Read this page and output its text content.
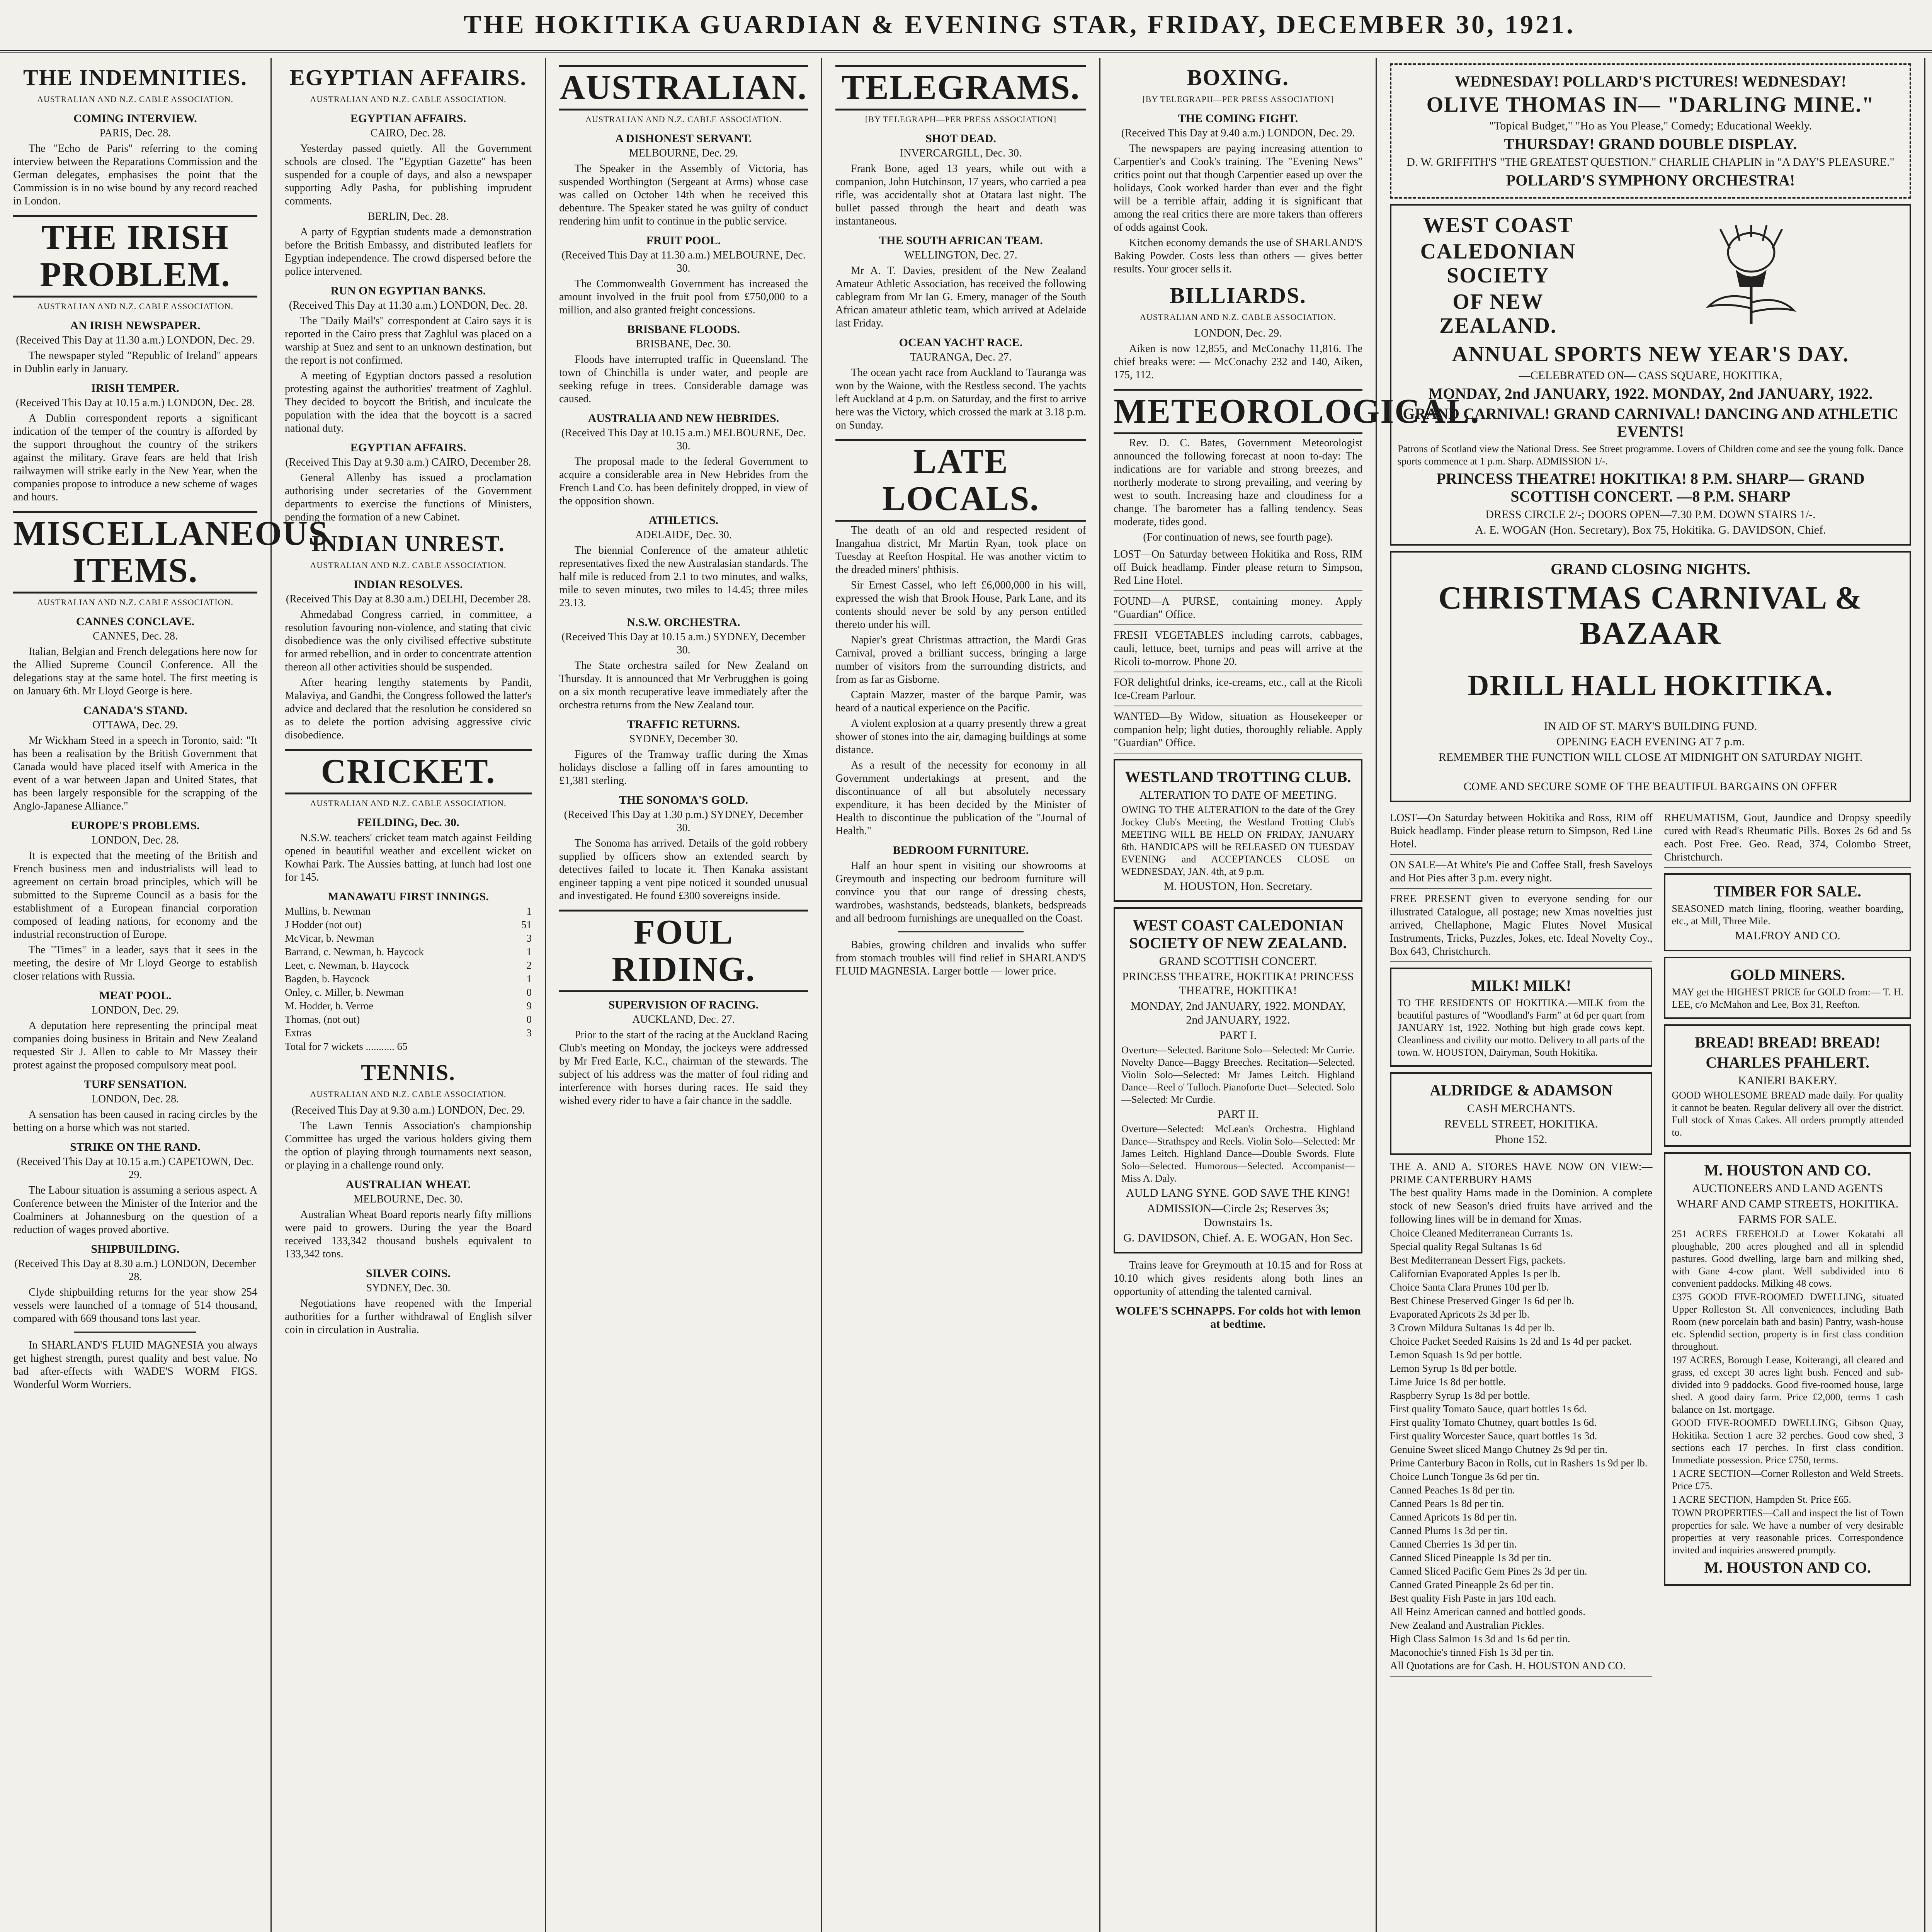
THE HOKITIKA GUARDIAN & EVENING STAR, FRIDAY, DECEMBER 30, 1921.
THE INDEMNITIES.
AUSTRALIAN AND N.Z. CABLE ASSOCIATION.
COMING INTERVIEW.
PARIS, Dec. 28.

The "Echo de Paris" referring to the coming interview between the Reparations Commission and the German delegates, emphasises the point that the Commission is in no wise bound by any record reached in London.

THE IRISH PROBLEM.
AUSTRALIAN AND N.Z. CABLE ASSOCIATION.
AN IRISH NEWSPAPER.
(Received This Day at 11.30 a.m.) LONDON, Dec. 29.

The newspaper styled "Republic of Ireland" appears in Dublin early in January.

IRISH TEMPER.
(Received This Day at 10.15 a.m.) LONDON, Dec. 28.

A Dublin correspondent reports a significant indication of the temper of the country is afforded by the support throughout the country of the strikers against the military. Grave fears are held that Irish railwaymen will strike early in the New Year, when the companies propose to introduce a new scheme of wages and hours.

MISCELLANEOUS ITEMS.
AUSTRALIAN AND N.Z. CABLE ASSOCIATION.
CANNES CONCLAVE.
CANNES, Dec. 28.

Italian, Belgian and French delegations here now for the Allied Supreme Council Conference. All the delegations stay at the same hotel. The first meeting is on January 6th. Mr Lloyd George is here.

CANADA'S STAND.
OTTAWA, Dec. 29.

Mr Wickham Steed in a speech in Toronto, said: "It has been a realisation by the British Government that Canada would have placed itself with America in the event of a war between Japan and United States, that has been largely responsible for the scrapping of the Anglo-Japanese Alliance."

EUROPE'S PROBLEMS.
LONDON, Dec. 28.

It is expected that the meeting of the British and French business men and industrialists will lead to agreement on certain broad principles, which will be submitted to the Supreme Council as a basis for the establishment of a European financial corporation composed of leading nations, for economy and the industrial reconstruction of Europe.

The "Times" in a leader, says that it sees in the meeting, the desire of Mr Lloyd George to establish closer relations with Russia.

MEAT POOL.
LONDON, Dec. 29.

A deputation here representing the principal meat companies doing business in Britain and New Zealand requested Sir J. Allen to cable to Mr Massey their protest against the proposed compulsory meat pool.

TURF SENSATION.
LONDON, Dec. 28.

A sensation has been caused in racing circles by the betting on a horse which was not started.

STRIKE ON THE RAND.
(Received This Day at 10.15 a.m.) CAPETOWN, Dec. 29.

The Labour situation is assuming a serious aspect. A Conference between the Minister of the Interior and the Coalminers at Johannesburg on the question of a reduction of wages proved abortive.

SHIPBUILDING.
(Received This Day at 8.30 a.m.) LONDON, December 28.

Clyde shipbuilding returns for the year show 254 vessels were launched of a tonnage of 514 thousand, compared with 669 thousand tons last year.

In SHARLAND'S FLUID MAGNESIA you always get highest strength, purest quality and best value. No bad after-effects with WADE'S WORM FIGS. Wonderful Worm Worriers.

EGYPTIAN AFFAIRS.
AUSTRALIAN AND N.Z. CABLE ASSOCIATION.
EGYPTIAN AFFAIRS.
CAIRO, Dec. 28.

Yesterday passed quietly. All the Government schools are closed. The "Egyptian Gazette" has been suspended for a couple of days, and also a newspaper supporting Adly Pasha, for publishing imprudent comments.

BERLIN, Dec. 28.

A party of Egyptian students made a demonstration before the British Embassy, and distributed leaflets for Egyptian independence. The crowd dispersed before the police intervened.

RUN ON EGYPTIAN BANKS.
(Received This Day at 11.30 a.m.) LONDON, Dec. 28.

The "Daily Mail's" correspondent at Cairo says it is reported in the Cairo press that Zaghlul was placed on a warship at Suez and sent to an unknown destination, but the report is not confirmed.

A meeting of Egyptian doctors passed a resolution protesting against the authorities' treatment of Zaghlul. They decided to boycott the British, and inculcate the population with the idea that the boycott is a sacred national duty.

EGYPTIAN AFFAIRS.
(Received This Day at 9.30 a.m.) CAIRO, December 28.

General Allenby has issued a proclamation authorising under secretaries of the Government departments to exercise the functions of Ministers, pending the formation of a new Cabinet.

INDIAN UNREST.
AUSTRALIAN AND N.Z. CABLE ASSOCIATION.
INDIAN RESOLVES.
(Received This Day at 8.30 a.m.) DELHI, December 28.

Ahmedabad Congress carried, in committee, a resolution favouring non-violence, and stating that civic disobedience was the only civilised effective substitute for armed rebellion, and in order to concentrate attention thereon all other activities should be suspended.

After hearing lengthy statements by Pandit, Malaviya, and Gandhi, the Congress followed the latter's advice and declared that the resolution be considered so as to delete the portion advising aggressive civic disobedience.

CRICKET.
AUSTRALIAN AND N.Z. CABLE ASSOCIATION.
FEILDING, Dec. 30.

N.S.W. teachers' cricket team match against Feilding opened in beautiful weather and excellent wicket on Kowhai Park. The Aussies batting, at lunch had lost one for 145.

MANAWATU FIRST INNINGS.
Mullins, b. Newman	1
J Hodder (not out)	51
McVicar, b. Newman	3
Barrand, c. Newman, b. Haycock	1
Leet, c. Newman, b. Haycock	2
Bagden, b. Haycock	1
Onley, c. Miller, b. Newman	0
M. Hodder, b. Verroe	9
Thomas, (not out)	0
Extras	3
Total for 7 wickets ........... 65
TENNIS.
AUSTRALIAN AND N.Z. CABLE ASSOCIATION.
(Received This Day at 9.30 a.m.) LONDON, Dec. 29.

The Lawn Tennis Association's championship Committee has urged the various holders giving them the option of playing through tournaments next season, or playing in a challenge round only.

AUSTRALIAN WHEAT.
MELBOURNE, Dec. 30.

Australian Wheat Board reports nearly fifty millions were paid to growers. During the year the Board received 133,342 thousand bushels equivalent to 133,342 tons.

SILVER COINS.
SYDNEY, Dec. 30.

Negotiations have reopened with the Imperial authorities for a further withdrawal of English silver coin in circulation in Australia.

AUSTRALIAN.
AUSTRALIAN AND N.Z. CABLE ASSOCIATION.
A DISHONEST SERVANT.
MELBOURNE, Dec. 29.

The Speaker in the Assembly of Victoria, has suspended Worthington (Sergeant at Arms) whose case was called on October 14th when he received this debenture. The Speaker stated he was guilty of conduct rendering him unfit to continue in the public service.

FRUIT POOL.
(Received This Day at 11.30 a.m.) MELBOURNE, Dec. 30.

The Commonwealth Government has increased the amount involved in the fruit pool from £750,000 to a million, and also granted freight concessions.

BRISBANE FLOODS.
BRISBANE, Dec. 30.

Floods have interrupted traffic in Queensland. The town of Chinchilla is under water, and people are seeking refuge in trees. Considerable damage was caused.

AUSTRALIA AND NEW HEBRIDES.
(Received This Day at 10.15 a.m.) MELBOURNE, Dec. 30.

The proposal made to the federal Government to acquire a considerable area in New Hebrides from the French Land Co. has been definitely dropped, in view of the opposition shown.

ATHLETICS.
ADELAIDE, Dec. 30.

The biennial Conference of the amateur athletic representatives fixed the new Australasian standards. The half mile is reduced from 2.1 to two minutes, and walks, mile to seven minutes, two miles to 14.45; three miles 23.13.

N.S.W. ORCHESTRA.
(Received This Day at 10.15 a.m.) SYDNEY, December 30.

The State orchestra sailed for New Zealand on Thursday. It is announced that Mr Verbrugghen is going on a six month recuperative leave immediately after the orchestra returns from the New Zealand tour.

TRAFFIC RETURNS.
SYDNEY, December 30.

Figures of the Tramway traffic during the Xmas holidays disclose a falling off in fares amounting to £1,381 sterling.

THE SONOMA'S GOLD.
(Received This Day at 1.30 p.m.) SYDNEY, December 30.

The Sonoma has arrived. Details of the gold robbery supplied by officers show an extended search by detectives failed to locate it. Then Kanaka assistant engineer tapping a vent pipe noticed it sounded unusual and investigated. He found £300 sovereigns inside.

FOUL RIDING.
SUPERVISION OF RACING.
AUCKLAND, Dec. 27.

Prior to the start of the racing at the Auckland Racing Club's meeting on Monday, the jockeys were addressed by Mr Fred Earle, K.C., chairman of the stewards. The subject of his address was the matter of foul riding and interference with horses during races. He said they wished every rider to have a fair chance in the saddle.

TELEGRAMS.
[BY TELEGRAPH—PER PRESS ASSOCIATION]
SHOT DEAD.
INVERCARGILL, Dec. 30.

Frank Bone, aged 13 years, while out with a companion, John Hutchinson, 17 years, who carried a pea rifle, was accidentally shot at Otatara last night. The bullet passed through the heart and death was instantaneous.

THE SOUTH AFRICAN TEAM.
WELLINGTON, Dec. 27.

Mr A. T. Davies, president of the New Zealand Amateur Athletic Association, has received the following cablegram from Mr Ian G. Emery, manager of the South African amateur athletic team, which arrived at Adelaide last Friday.

OCEAN YACHT RACE.
TAURANGA, Dec. 27.

The ocean yacht race from Auckland to Tauranga was won by the Waione, with the Restless second. The yachts left Auckland at 4 p.m. on Saturday, and the first to arrive here was the Victory, which crossed the mark at 3.18 p.m. on Sunday.

LATE LOCALS.

The death of an old and respected resident of Inangahua district, Mr Martin Ryan, took place on Tuesday at Reefton Hospital. He was another victim to the dreaded miners' phthisis.

Sir Ernest Cassel, who left £6,000,000 in his will, expressed the wish that Brook House, Park Lane, and its contents should never be sold by any person entitled thereto under his will.

Napier's great Christmas attraction, the Mardi Gras Carnival, proved a brilliant success, bringing a large number of visitors from the surrounding districts, and from as far as Gisborne.

Captain Mazzer, master of the barque Pamir, was heard of a nautical experience on the Pacific.

A violent explosion at a quarry presently threw a great shower of stones into the air, damaging buildings at some distance.

As a result of the necessity for economy in all Government undertakings at present, and the discontinuance of all but absolutely necessary expenditure, it has been decided by the Minister of Health to discontinue the publication of the "Journal of Health."

BEDROOM FURNITURE.

Half an hour spent in visiting our showrooms at Greymouth and inspecting our bedroom furniture will convince you that our range of dressing chests, wardrobes, washstands, bedsteads, blankets, bedspreads and all bedroom furnishings are unequalled on the Coast.

Babies, growing children and invalids who suffer from stomach troubles will find relief in SHARLAND'S FLUID MAGNESIA. Larger bottle — lower price.

BOXING.
[BY TELEGRAPH—PER PRESS ASSOCIATION]
THE COMING FIGHT.
(Received This Day at 9.40 a.m.) LONDON, Dec. 29.

The newspapers are paying increasing attention to Carpentier's and Cook's training. The "Evening News" critics point out that though Carpentier eased up over the holidays, Cook worked harder than ever and the fight will be a terrible affair, adding it is significant that among the real critics there are more takers than offerers of odds against Cook.

Kitchen economy demands the use of SHARLAND'S Baking Powder. Costs less than others — gives better results. Your grocer sells it.

BILLIARDS.
AUSTRALIAN AND N.Z. CABLE ASSOCIATION.
LONDON, Dec. 29.

Aiken is now 12,855, and McConachy 11,816. The chief breaks were: — McConachy 232 and 140, Aiken, 175, 112.

METEOROLOGICAL.

Rev. D. C. Bates, Government Meteorologist announced the following forecast at noon to-day: The indications are for variable and strong breezes, and northerly moderate to strong prevailing, and veering by west to south. Increasing haze and cloudiness for a change. The barometer has a falling tendency. Seas moderate, tides good.

(For continuation of news, see fourth page).
LOST—On Saturday between Hokitika and Ross, RIM off Buick headlamp. Finder please return to Simpson, Red Line Hotel.
FOUND—A PURSE, containing money. Apply "Guardian" Office.
FRESH VEGETABLES including carrots, cabbages, cauli, lettuce, beet, turnips and peas will arrive at the Ricoli to-morrow. Phone 20.
FOR delightful drinks, ice-creams, etc., call at the Ricoli Ice-Cream Parlour.
WANTED—By Widow, situation as Housekeeper or companion help; light duties, thoroughly reliable. Apply "Guardian" Office.
WESTLAND TROTTING CLUB.
ALTERATION TO DATE OF MEETING.
OWING TO THE ALTERATION to the date of the Grey Jockey Club's Meeting, the Westland Trotting Club's MEETING WILL BE HELD ON FRIDAY, JANUARY 6th. HANDICAPS will be RELEASED ON TUESDAY EVENING and ACCEPTANCES CLOSE on WEDNESDAY, JAN. 4th, at 9 p.m.
M. HOUSTON, Hon. Secretary.
WEST COAST CALEDONIAN SOCIETY OF NEW ZEALAND.
GRAND SCOTTISH CONCERT.
PRINCESS THEATRE, HOKITIKA! PRINCESS THEATRE, HOKITIKA!
MONDAY, 2nd JANUARY, 1922. MONDAY, 2nd JANUARY, 1922.
PART I.
Overture—Selected. Baritone Solo—Selected: Mr Currie. Novelty Dance—Baggy Breeches. Recitation—Selected. Violin Solo—Selected: Mr James Leitch. Highland Dance—Reel o' Tulloch. Pianoforte Duet—Selected. Solo—Selected: Mr Curdie.
PART II.
Overture—Selected: McLean's Orchestra. Highland Dance—Strathspey and Reels. Violin Solo—Selected: Mr James Leitch. Highland Dance—Double Swords. Flute Solo—Selected. Humorous—Selected. Accompanist—Miss A. Daly.
AULD LANG SYNE. GOD SAVE THE KING!
ADMISSION—Circle 2s; Reserves 3s; Downstairs 1s.
G. DAVIDSON, Chief. A. E. WOGAN, Hon Sec.

Trains leave for Greymouth at 10.15 and for Ross at 10.10 which gives residents along both lines an opportunity of attending the talented carnival.

WOLFE'S SCHNAPPS. For colds hot with lemon at bedtime.
WEDNESDAY! POLLARD'S PICTURES! WEDNESDAY!
OLIVE THOMAS IN— "DARLING MINE."
"Topical Budget," "Ho as You Please," Comedy; Educational Weekly.
THURSDAY! GRAND DOUBLE DISPLAY.
D. W. GRIFFITH'S "THE GREATEST QUESTION." CHARLIE CHAPLIN in "A DAY'S PLEASURE."
POLLARD'S SYMPHONY ORCHESTRA!
WEST COAST
CALEDONIAN SOCIETY
OF NEW ZEALAND.
ANNUAL SPORTS NEW YEAR'S DAY.
—CELEBRATED ON— CASS SQUARE, HOKITIKA,
MONDAY, 2nd JANUARY, 1922. MONDAY, 2nd JANUARY, 1922.
GRAND CARNIVAL! GRAND CARNIVAL! DANCING AND ATHLETIC EVENTS!
Patrons of Scotland view the National Dress. See Street programme. Lovers of Children come and see the young folk. Dance sports commence at 1 p.m. Sharp. ADMISSION 1/-.
PRINCESS THEATRE! HOKITIKA! 8 P.M. SHARP— GRAND SCOTTISH CONCERT. —8 P.M. SHARP
DRESS CIRCLE 2/-; DOORS OPEN—7.30 P.M. DOWN STAIRS 1/-.
A. E. WOGAN (Hon. Secretary), Box 75, Hokitika. G. DAVIDSON, Chief.
GRAND CLOSING NIGHTS.
CHRISTMAS CARNIVAL & BAZAAR
DRILL HALL HOKITIKA.
IN AID OF ST. MARY'S BUILDING FUND.
OPENING EACH EVENING AT 7 p.m.
REMEMBER THE FUNCTION WILL CLOSE AT MIDNIGHT ON SATURDAY NIGHT.
COME AND SECURE SOME OF THE BEAUTIFUL BARGAINS ON OFFER
LOST—On Saturday between Hokitika and Ross, RIM off Buick headlamp. Finder please return to Simpson, Red Line Hotel.
ON SALE—At White's Pie and Coffee Stall, fresh Saveloys and Hot Pies after 3 p.m. every night.
FREE PRESENT given to everyone sending for our illustrated Catalogue, all postage; new Xmas novelties just arrived, Chellaphone, Magic Flutes Novel Musical Instruments, Tricks, Puzzles, Jokes, etc. Ideal Novelty Coy., Box 643, Christchurch.
MILK! MILK!
TO THE RESIDENTS OF HOKITIKA.—MILK from the beautiful pastures of "Woodland's Farm" at 6d per quart from JANUARY 1st, 1922. Nothing but high grade cows kept. Cleanliness and civility our motto. Delivery to all parts of the town. W. HOUSTON, Dairyman, South Hokitika.
ALDRIDGE & ADAMSON
CASH MERCHANTS.
REVELL STREET, HOKITIKA.
Phone 152.
THE A. AND A. STORES HAVE NOW ON VIEW:— PRIME CANTERBURY HAMS
The best quality Hams made in the Dominion. A complete stock of new Season's dried fruits have arrived and the following lines will be in demand for Xmas.
Choice Cleaned Mediterranean Currants 1s.
Special quality Regal Sultanas 1s 6d
Best Mediterranean Dessert Figs, packets.
Californian Evaporated Apples 1s per lb.
Choice Santa Clara Prunes 10d per lb.
Best Chinese Preserved Ginger 1s 6d per lb.
Evaporated Apricots 2s 3d per lb.
3 Crown Mildura Sultanas 1s 4d per lb.
Choice Packet Seeded Raisins 1s 2d and 1s 4d per packet.
Lemon Squash 1s 9d per bottle.
Lemon Syrup 1s 8d per bottle.
Lime Juice 1s 8d per bottle.
Raspberry Syrup 1s 8d per bottle.
First quality Tomato Sauce, quart bottles 1s 6d.
First quality Tomato Chutney, quart bottles 1s 6d.
First quality Worcester Sauce, quart bottles 1s 3d.
Genuine Sweet sliced Mango Chutney 2s 9d per tin.
Prime Canterbury Bacon in Rolls, cut in Rashers 1s 9d per lb.
Choice Lunch Tongue 3s 6d per tin.
Canned Peaches 1s 8d per tin.
Canned Pears 1s 8d per tin.
Canned Apricots 1s 8d per tin.
Canned Plums 1s 3d per tin.
Canned Cherries 1s 3d per tin.
Canned Sliced Pineapple 1s 3d per tin.
Canned Sliced Pacific Gem Pines 2s 3d per tin.
Canned Grated Pineapple 2s 6d per tin.
Best quality Fish Paste in jars 10d each.
All Heinz American canned and bottled goods.
New Zealand and Australian Pickles.
High Class Salmon 1s 3d and 1s 6d per tin.
Maconochie's tinned Fish 1s 3d per tin.
All Quotations are for Cash. H. HOUSTON AND CO.
RHEUMATISM, Gout, Jaundice and Dropsy speedily cured with Read's Rheumatic Pills. Boxes 2s 6d and 5s each. Post Free. Geo. Read, 374, Colombo Street, Christchurch.
TIMBER FOR SALE.
SEASONED match lining, flooring, weather boarding, etc., at Mill, Three Mile.
MALFROY AND CO.
GOLD MINERS.
MAY get the HIGHEST PRICE for GOLD from:— T. H. LEE, c/o McMahon and Lee, Box 31, Reefton.
BREAD! BREAD! BREAD!
CHARLES PFAHLERT.
KANIERI BAKERY.
GOOD WHOLESOME BREAD made daily. For quality it cannot be beaten. Regular delivery all over the district. Full stock of Xmas Cakes. All orders promptly attended to.
M. HOUSTON AND CO.
AUCTIONEERS AND LAND AGENTS
WHARF AND CAMP STREETS, HOKITIKA.
FARMS FOR SALE.
251 ACRES FREEHOLD at Lower Kokatahi all ploughable, 200 acres ploughed and all in splendid pastures. Good dwelling, large barn and milking shed, with Gane 4-cow plant. Well subdivided into 6 convenient paddocks. Milking 48 cows.
£375 GOOD FIVE-ROOMED DWELLING, situated Upper Rolleston St. All conveniences, including Bath Room (new porcelain bath and basin) Pantry, wash-house etc. Splendid section, property is in first class condition throughout.
197 ACRES, Borough Lease, Koiterangi, all cleared and grass, ed except 30 acres light bush. Fenced and sub-divided into 9 paddocks. Good five-roomed house, large shed. A good dairy farm. Price £2,000, terms 1 cash balance on 1st. mortgage.
GOOD FIVE-ROOMED DWELLING, Gibson Quay, Hokitika. Section 1 acre 32 perches. Good cow shed, 3 sections each 17 perches. In first class condition. Immediate possession. Price £750, terms.
1 ACRE SECTION—Corner Rolleston and Weld Streets. Price £75.
1 ACRE SECTION, Hampden St. Price £65.
TOWN PROPERTIES—Call and inspect the list of Town properties for sale. We have a number of very desirable properties at very reasonable prices. Correspondence invited and inquiries answered promptly.
M. HOUSTON AND CO.
